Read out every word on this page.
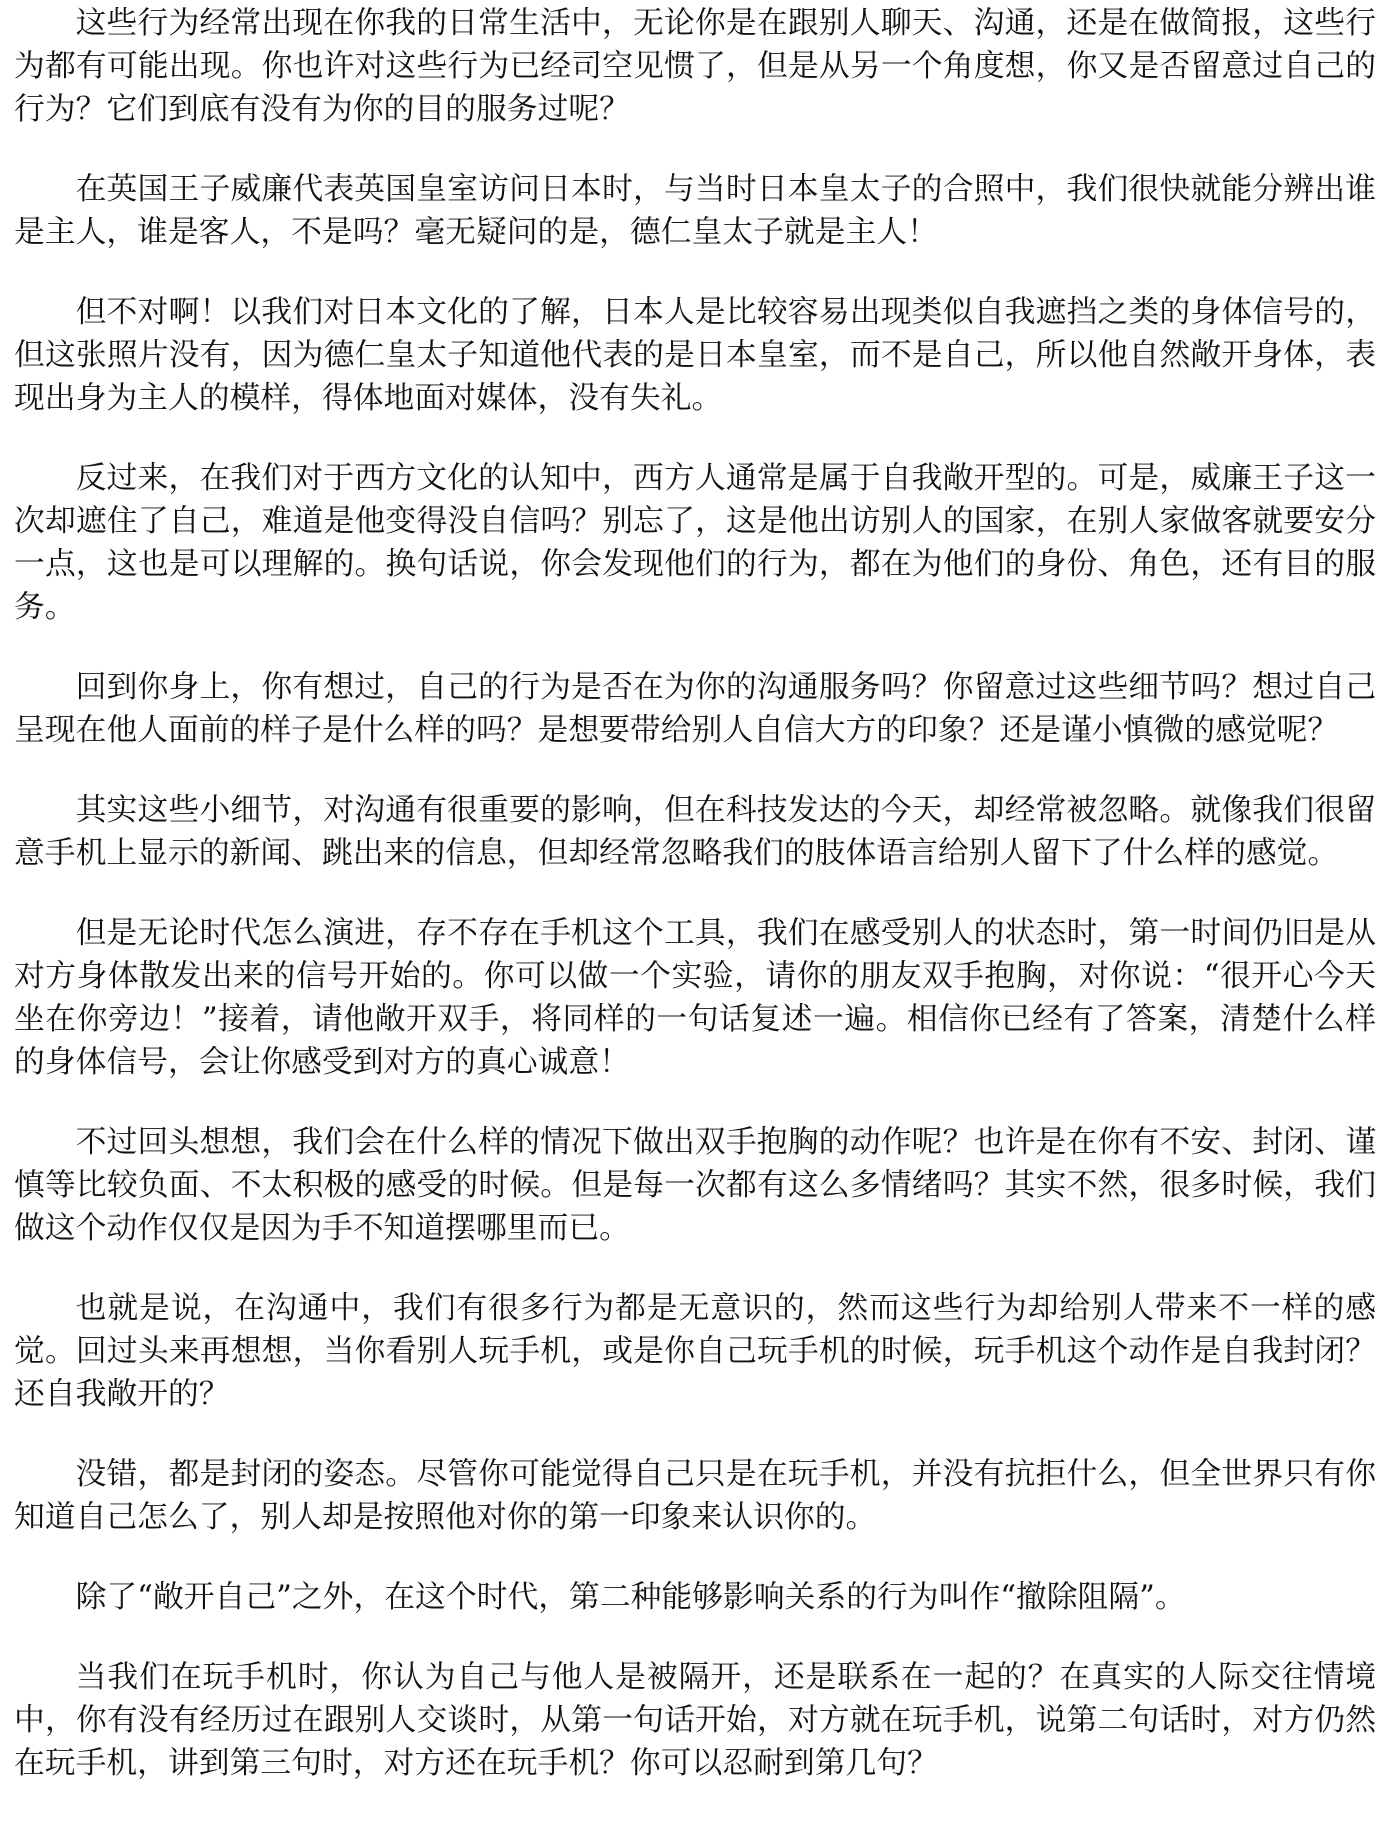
这些行为经常出现在你我的日常生活中，无论你是在跟别人聊天、沟通，还是在做简报，这些行为都有可能出现。你也许对这些行为已经司空见惯了，但是从另一个角度想，你又是否留意过自己的行为？它们到底有没有为你的目的服务过呢？

在英国王子威廉代表英国皇室访问日本时，与当时日本皇太子的合照中，我们很快就能分辨出谁是主人，谁是客人，不是吗？毫无疑问的是，德仁皇太子就是主人！

但不对啊！以我们对日本文化的了解，日本人是比较容易出现类似自我遮挡之类的身体信号的，但这张照片没有，因为德仁皇太子知道他代表的是日本皇室，而不是自己，所以他自然敞开身体，表现出身为主人的模样，得体地面对媒体，没有失礼。

反过来，在我们对于西方文化的认知中，西方人通常是属于自我敞开型的。可是，威廉王子这一次却遮住了自己，难道是他变得没自信吗？别忘了，这是他出访别人的国家，在别人家做客就要安分一点，这也是可以理解的。换句话说，你会发现他们的行为，都在为他们的身份、角色，还有目的服务。

回到你身上，你有想过，自己的行为是否在为你的沟通服务吗？你留意过这些细节吗？想过自己呈现在他人面前的样子是什么样的吗？是想要带给别人自信大方的印象？还是谨小慎微的感觉呢？

其实这些小细节，对沟通有很重要的影响，但在科技发达的今天，却经常被忽略。就像我们很留意手机上显示的新闻、跳出来的信息，但却经常忽略我们的肢体语言给别人留下了什么样的感觉。

但是无论时代怎么演进，存不存在手机这个工具，我们在感受别人的状态时，第一时间仍旧是从对方身体散发出来的信号开始的。你可以做一个实验，请你的朋友双手抱胸，对你说：“很开心今天坐在你旁边！”接着，请他敞开双手，将同样的一句话复述一遍。相信你已经有了答案，清楚什么样的身体信号，会让你感受到对方的真心诚意！

不过回头想想，我们会在什么样的情况下做出双手抱胸的动作呢？也许是在你有不安、封闭、谨慎等比较负面、不太积极的感受的时候。但是每一次都有这么多情绪吗？其实不然，很多时候，我们做这个动作仅仅是因为手不知道摆哪里而已。

也就是说，在沟通中，我们有很多行为都是无意识的，然而这些行为却给别人带来不一样的感觉。回过头来再想想，当你看别人玩手机，或是你自己玩手机的时候，玩手机这个动作是自我封闭？还自我敞开的？

没错，都是封闭的姿态。尽管你可能觉得自己只是在玩手机，并没有抗拒什么，但全世界只有你知道自己怎么了，别人却是按照他对你的第一印象来认识你的。

除了“敞开自己”之外，在这个时代，第二种能够影响关系的行为叫作“撤除阻隔”。

当我们在玩手机时，你认为自己与他人是被隔开，还是联系在一起的？在真实的人际交往情境中，你有没有经历过在跟别人交谈时，从第一句话开始，对方就在玩手机，说第二句话时，对方仍然在玩手机，讲到第三句时，对方还在玩手机？你可以忍耐到第几句？
